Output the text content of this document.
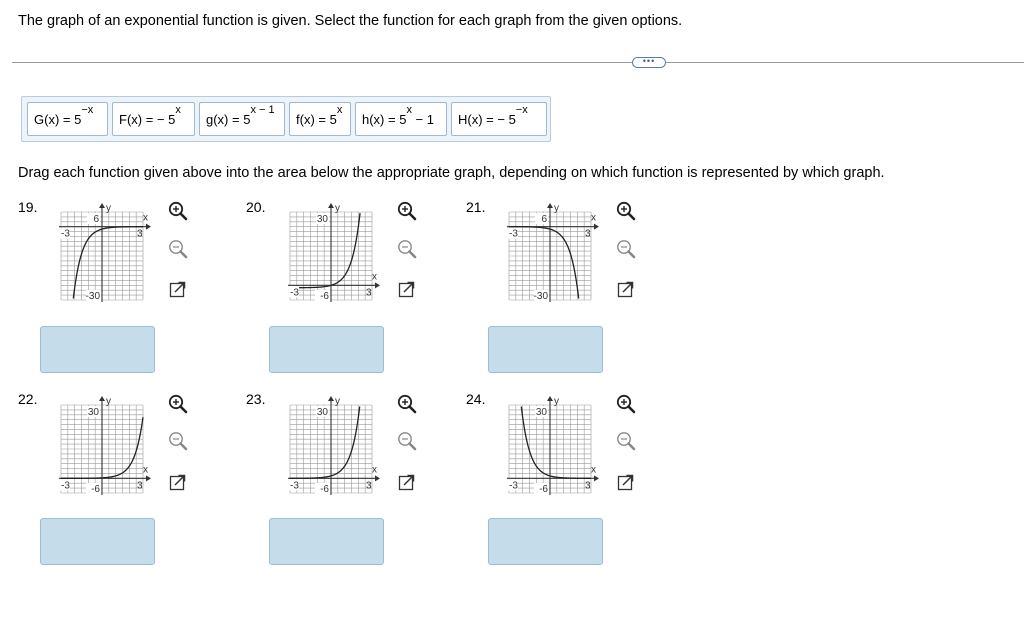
The graph of an exponential function is given. Select the function for each graph from the given options.
•••
$G(x) = 5^{-x}$
F(x) = − $5^x$
$g(x) = 5^{x - 1}$
$f(x) = 5^x$
$h(x) = 5^x - 1$	H(x) = − $5^{-x}$
Drag each function given above into the area below the appropriate graph, depending on which function is represented by which graph.
19.	20.	21.
22.	23.	24.
6
-30
-3	3
y
x	30
-6
-3	3
y
x
6
-30
-3	3
y
x
30
-6
-3	3
y
x
30
-6
-3	3
y
x
30
-6
-3	3
y
x
